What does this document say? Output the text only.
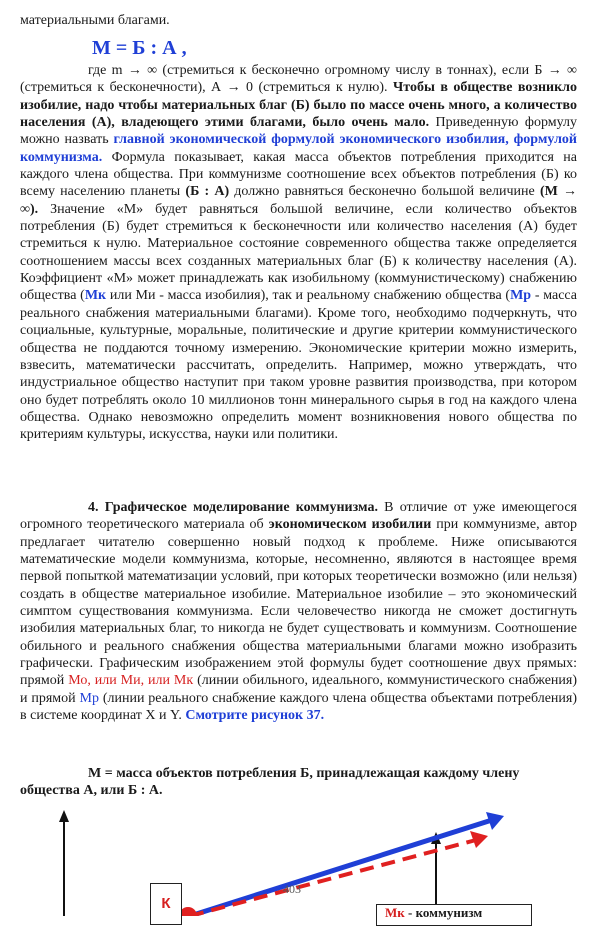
материальными благами.

М = Б : А ,

где m → ∞ (стремиться к бесконечно огромному числу в тоннах), если Б → ∞ (стремиться к бесконечности), А → 0 (стремиться к нулю). Чтобы в обществе возникло изобилие, надо чтобы материальных благ (Б) было по массе очень много, а количество населения (А), владеющего этими благами, было очень мало. Приведенную формулу можно назвать главной экономической формулой экономического изобилия, формулой коммунизма. Формула показывает, какая масса объектов потребления приходится на каждого члена общества. При коммунизме соотношение всех объектов потребления (Б) ко всему населению планеты (Б : А) должно равняться бесконечно большой величине (М → ∞). Значение «М» будет равняться большой величине, если количество объектов потребления (Б) будет стремиться к бесконечности или количество населения (А) будет стремиться к нулю. Материальное состояние современного общества также определяется соотношением массы всех созданных материальных благ (Б) к количеству населения (А). Коэффициент «М» может принадлежать как изобильному (коммунистическому) снабжению общества (Мк или Ми - масса изобилия), так и реальному снабжению общества (Мр - масса реального снабжения материальными благами). Кроме того, необходимо подчеркнуть, что социальные, культурные, моральные, политические и другие критерии коммунистического общества не поддаются точному измерению. Экономические критерии можно измерить, взвесить, математически рассчитать, определить. Например, можно утверждать, что индустриальное общество наступит при таком уровне развития производства, при котором оно будет потреблять около 10 миллионов тонн минерального сырья в год на каждого члена общества. Однако невозможно определить момент возникновения нового общества по критериям культуры, искусства, науки или политики.

4. Графическое моделирование коммунизма. В отличие от уже имеющегося огромного теоретического материала об экономическом изобилии при коммунизме, автор предлагает читателю совершенно новый подход к проблеме. Ниже описываются математические модели коммунизма, которые, несомненно, являются в настоящее время первой попыткой математизации условий, при которых теоретически возможно (или нельзя) создать в обществе материальное изобилие. Материальное изобилие – это экономический симптом существования коммунизма. Если человечество никогда не сможет достигнуть изобилия материальных благ, то никогда не будет существовать и коммунизм. Соотношение обильного и реального снабжения общества материальными благами можно изобразить графически. Графическим изображением этой формулы будет соотношение двух прямых: прямой Мо, или Ми, или Мк (линии обильного, идеального, коммунистического снабжения) и прямой Мр (линии реального снабжение каждого члена общества объектами потребления) в системе координат X и Y. Смотрите рисунок 37.

М = масса объектов потребления Б, принадлежащая каждому члену общества А, или Б : А.

403
К
Мк - коммунизм
